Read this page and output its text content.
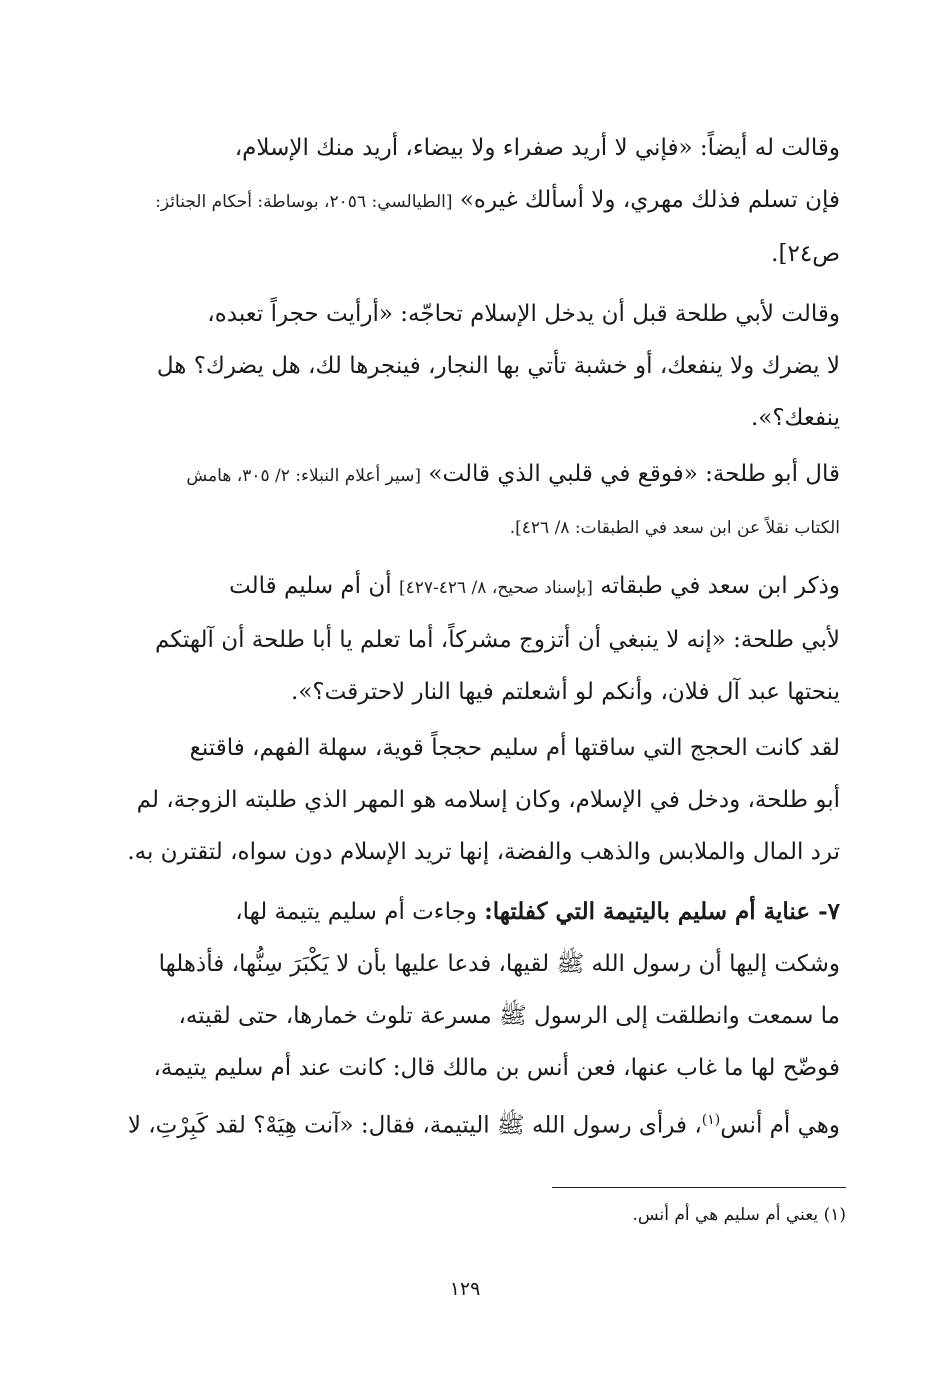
وقالت له أيضاً: «فإني لا أريد صفراء ولا بيضاء، أريد منك الإسلام،
فإن تسلم فذلك مهري، ولا أسألك غيره» [الطيالسي: ٢٠٥٦، بوساطة: أحكام الجنائز:
ص٢٤].
وقالت لأبي طلحة قبل أن يدخل الإسلام تحاجّه: «أرأيت حجراً تعبده،
لا يضرك ولا ينفعك، أو خشبة تأتي بها النجار، فينجرها لك، هل يضرك؟ هل
ينفعك؟».
قال أبو طلحة: «فوقع في قلبي الذي قالت» [سير أعلام النبلاء: ٢/ ٣٠٥، هامش
الكتاب نقلاً عن ابن سعد في الطبقات: ٨/ ٤٢٦].
وذكر ابن سعد في طبقاته [بإسناد صحيح، ٨/ ٤٢٦-٤٢٧] أن أم سليم قالت
لأبي طلحة: «إنه لا ينبغي أن أتزوج مشركاً، أما تعلم يا أبا طلحة أن آلهتكم
ينحتها عبد آل فلان، وأنكم لو أشعلتم فيها النار لاحترقت؟».
لقد كانت الحجج التي ساقتها أم سليم حججاً قوية، سهلة الفهم، فاقتنع
أبو طلحة، ودخل في الإسلام، وكان إسلامه هو المهر الذي طلبته الزوجة، لم
ترد المال والملابس والذهب والفضة، إنها تريد الإسلام دون سواه، لتقترن به.
٧- عناية أم سليم باليتيمة التي كفلتها: وجاءت أم سليم يتيمة لها،
وشكت إليها أن رسول الله ﷺ لقيها، فدعا عليها بأن لا يَكْبَرَ سِنُّها، فأذهلها
ما سمعت وانطلقت إلى الرسول ﷺ مسرعة تلوث خمارها، حتى لقيته،
فوضّح لها ما غاب عنها، فعن أنس بن مالك قال: كانت عند أم سليم يتيمة،
وهي أم أنس$^{(١)}$، فرأى رسول الله ﷺ اليتيمة، فقال: «آنت هِيَهْ؟ لقد كَبِرْتِ، لا
(١) يعني أم سليم هي أم أنس.
١٢٩
